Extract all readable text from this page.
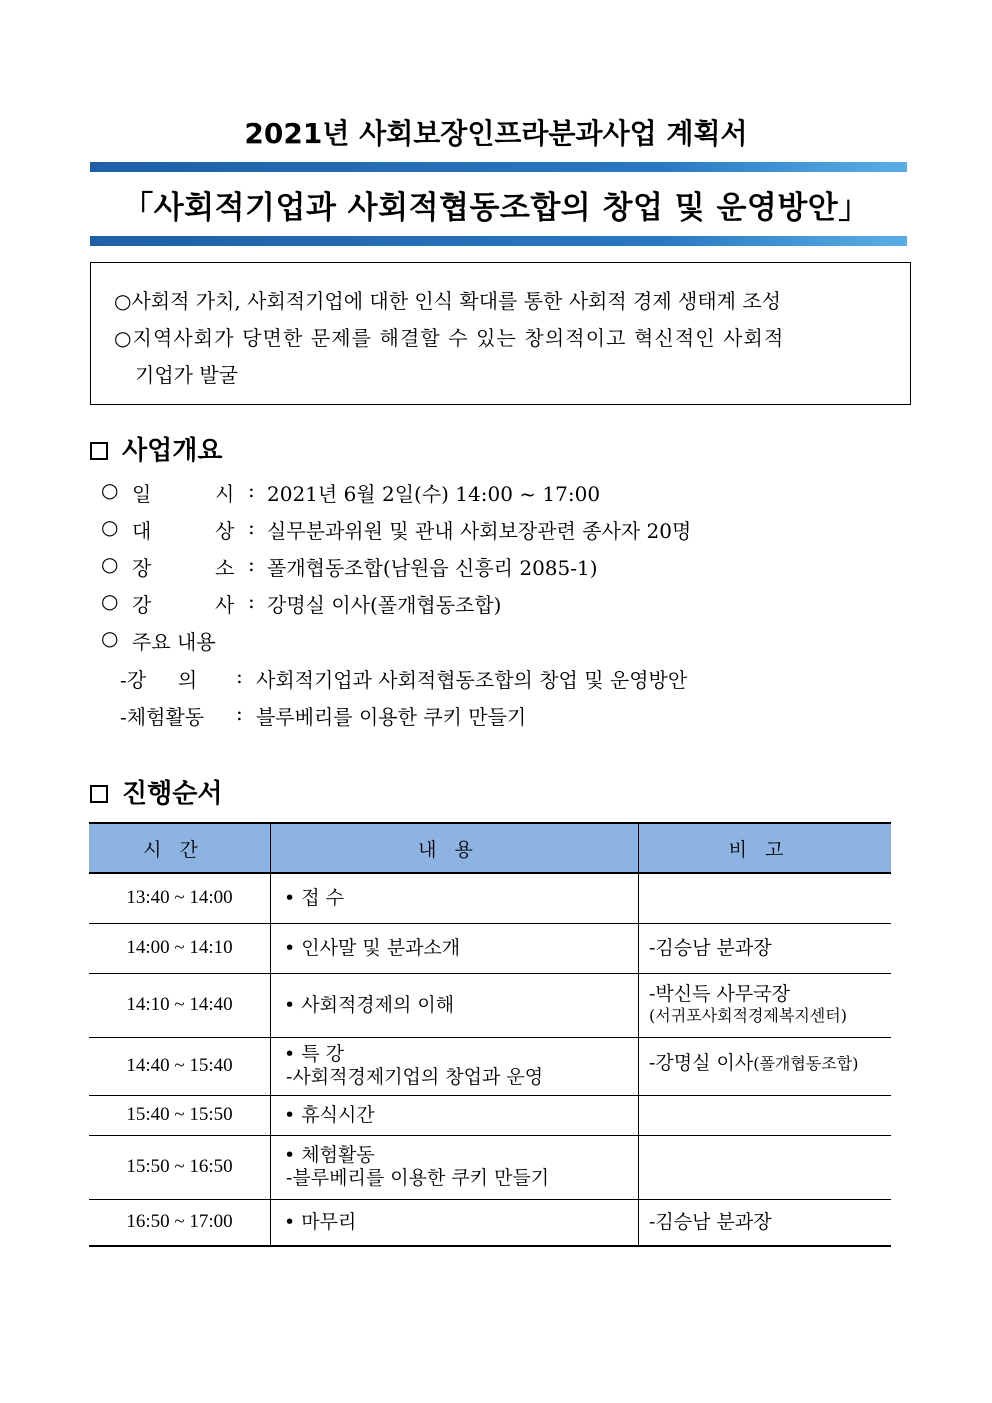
2021년 사회보장인프라분과사업 계획서
「사회적기업과 사회적협동조합의 창업 및 운영방안」
○사회적 가치, 사회적기업에 대한 인식 확대를 통한 사회적 경제 생태계 조성
○지역사회가 당면한 문제를 해결할 수 있는 창의적이고 혁신적인 사회적
기업가 발굴
사업개요
○ 일	시 : 2021년 6월 2일(수) 14:00 ~ 17:00
○ 대	상 : 실무분과위원 및 관내 사회보장관련 종사자 20명
○ 장	소 : 폴개협동조합(남원읍 신흥리 2085-1)
○ 강	사 : 강명실 이사(폴개협동조합)
○ 주요 내용
-강     의 : 사회적기업과 사회적협동조합의 창업 및 운영방안
-체험활동 : 블루베리를 이용한 쿠키 만들기
진행순서
시간	내용	비고
13:40 ~ 14:00	• 접 수	

14:00 ~ 14:10	• 인사말 및 분과소개	-김승남 분과장

14:10 ~ 14:40	• 사회적경제의 이해	-박신득 사무국장
(서귀포사회적경제복지센터)

14:40 ~ 15:40	• 특 강
-사회적경제기업의 창업과 운영	-강명실 이사(폴개협동조합)
15:40 ~ 15:50	• 휴식시간	

15:50 ~ 16:50	• 체험활동
-블루베리를 이용한 쿠키 만들기	

16:50 ~ 17:00	• 마무리	-김승남 분과장
